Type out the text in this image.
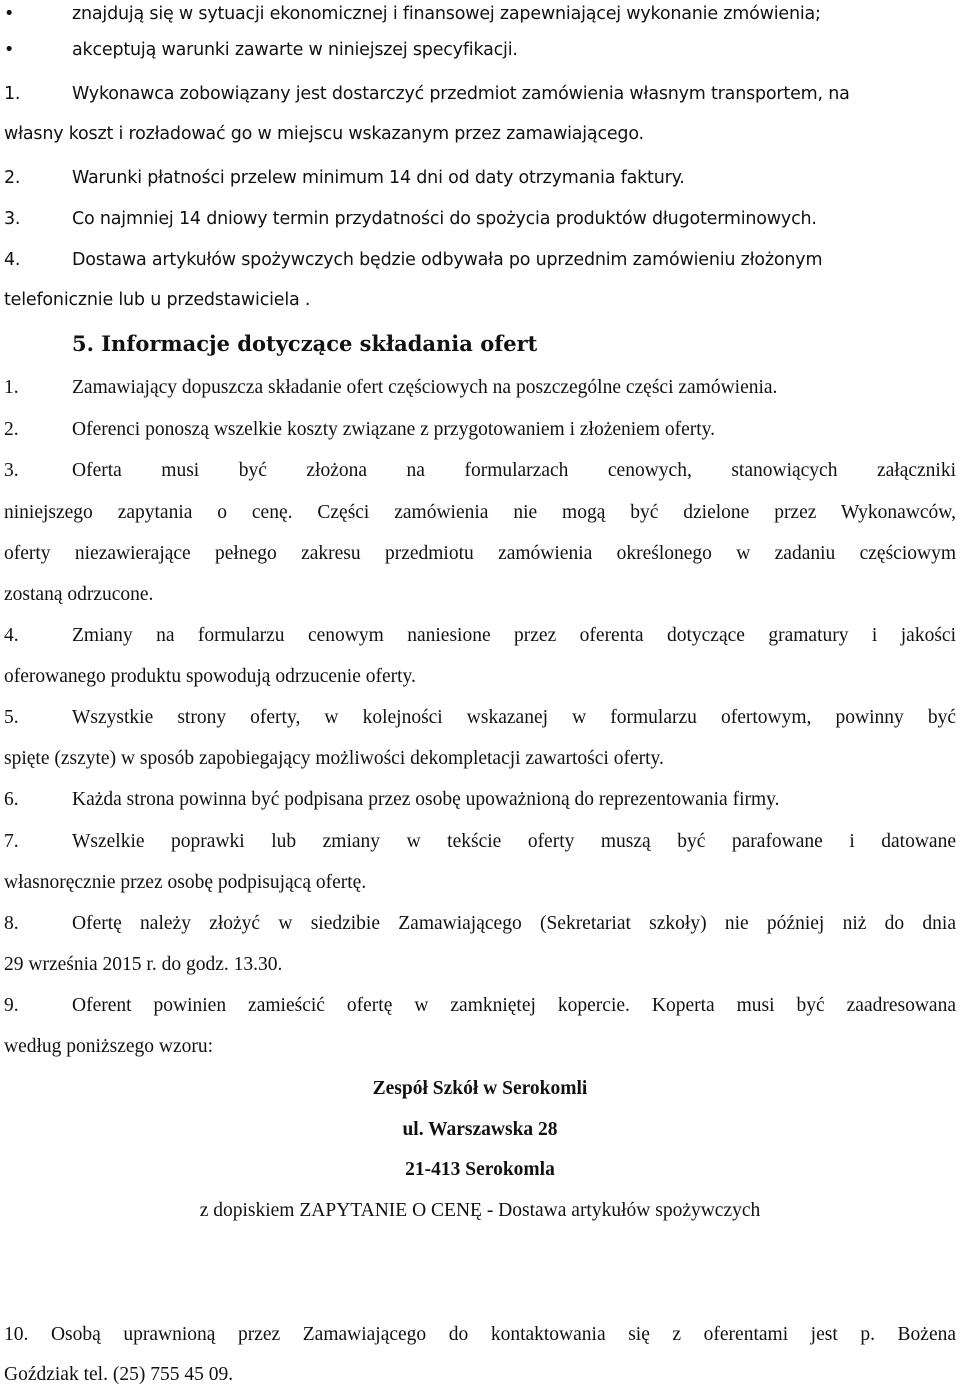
•	znajdują się w sytuacji ekonomicznej i finansowej zapewniającej wykonanie zmówienia;
•	akceptują warunki zawarte w niniejszej specyfikacji.
1.	Wykonawca zobowiązany jest dostarczyć przedmiot zamówienia własnym transportem, na
własny koszt i rozładować go w miejscu wskazanym przez zamawiającego.
2.	Warunki płatności przelew minimum 14 dni od daty otrzymania faktury.
3.	Co najmniej 14 dniowy termin przydatności do spożycia produktów długoterminowych.
4.	Dostawa artykułów spożywczych będzie odbywała po uprzednim zamówieniu złożonym
telefonicznie lub u przedstawiciela .
5. Informacje dotyczące składania ofert
1.	Zamawiający dopuszcza składanie ofert częściowych na poszczególne części zamówienia.
2.	Oferenci ponoszą wszelkie koszty związane z przygotowaniem i złożeniem oferty.
3.	Oferta musi być złożona na formularzach cenowych, stanowiących załączniki
niniejszego zapytania o cenę. Części zamówienia nie mogą być dzielone przez Wykonawców,
oferty niezawierające pełnego zakresu przedmiotu zamówienia określonego w zadaniu częściowym
zostaną odrzucone.
4.	Zmiany na formularzu cenowym naniesione przez oferenta dotyczące gramatury i jakości
oferowanego produktu spowodują odrzucenie oferty.
5.	Wszystkie strony oferty, w kolejności wskazanej w formularzu ofertowym, powinny być
spięte (zszyte) w sposób zapobiegający możliwości dekompletacji zawartości oferty.
6.	Każda strona powinna być podpisana przez osobę upoważnioną do reprezentowania firmy.
7.	Wszelkie poprawki lub zmiany w tekście oferty muszą być parafowane i datowane
własnoręcznie przez osobę podpisującą ofertę.
8.	Ofertę należy złożyć w siedzibie Zamawiającego (Sekretariat szkoły) nie później niż do dnia
29 września 2015 r. do godz. 13.30.
9.	Oferent powinien zamieścić ofertę w zamkniętej kopercie. Koperta musi być zaadresowana
według poniższego wzoru:
Zespół Szkół w Serokomli
ul. Warszawska 28
21-413 Serokomla
z dopiskiem ZAPYTANIE O CENĘ - Dostawa artykułów spożywczych
10. Osobą uprawnioną przez Zamawiającego do kontaktowania się z oferentami jest p. Bożena
Goździak tel. (25) 755 45 09.
